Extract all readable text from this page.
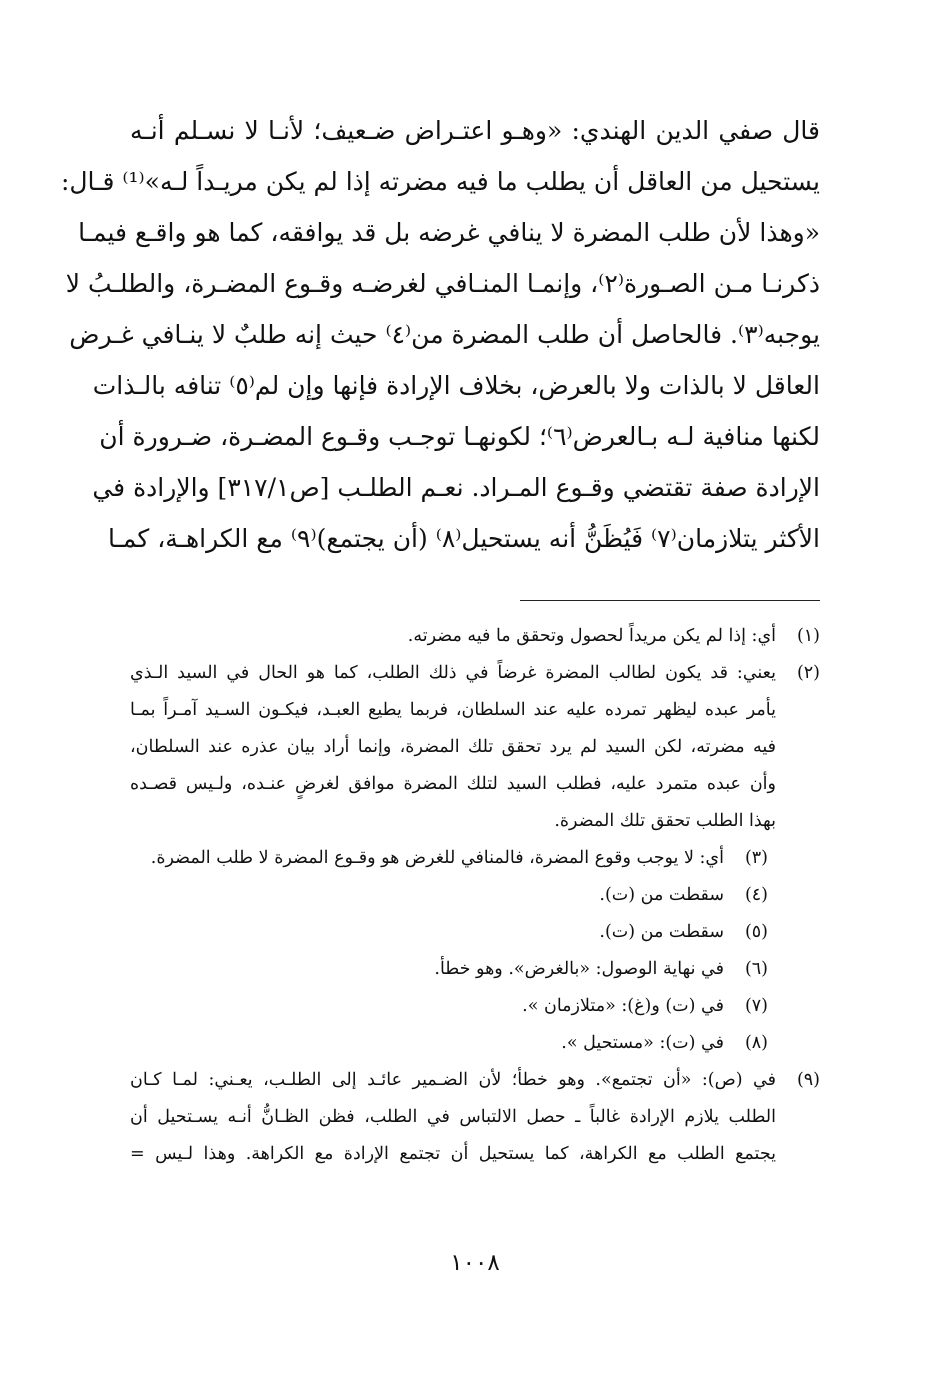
قال صفي الدين الهندي: «وهـو اعتـراض ضـعيف؛ لأنـا لا نسـلم أنـه
يستحيل من العاقل أن يطلب ما فيه مضرته إذا لم يكن مريـداً لـه»⁽¹⁾ قـال:
«وهذا لأن طلب المضرة لا ينافي غرضه بل قد يوافقه، كما هو واقـع فيمـا
ذكرنـا مـن الصـورة⁽٢⁾، وإنمـا المنـافي لغرضـه وقـوع المضـرة، والطلـبُ لا
يوجبه⁽٣⁾. فالحاصل أن طلب المضرة من⁽٤⁾ حيث إنه طلبٌ لا ينـافي غـرض
العاقل لا بالذات ولا بالعرض، بخلاف الإرادة فإنها وإن لم⁽٥⁾ تنافه بالـذات
لكنها منافية لـه بـالعرض⁽٦⁾؛ لكونهـا توجـب وقـوع المضـرة، ضـرورة أن
الإرادة صفة تقتضي وقـوع المـراد. نعـم الطلـب [ص٣١٧/١] والإرادة في
الأكثر يتلازمان⁽٧⁾ فَيُظَنُّ أنه يستحيل⁽٨⁾ (أن يجتمع)⁽٩⁾ مع الكراهـة، كمـا
(١)
أي: إذا لم يكن مريداً لحصول وتحقق ما فيه مضرته.
(٢)
يعني: قد يكون لطالب المضرة غرضاً في ذلك الطلب، كما هو الحال في السيد الـذي
يأمر عبده ليظهر تمرده عليه عند السلطان، فربما يطيع العبـد، فيكـون السـيد آمـراً بمـا
فيه مضرته، لكن السيد لم يرد تحقق تلك المضرة، وإنما أراد بيان عذره عند السلطان،
وأن عبده متمرد عليه، فطلب السيد لتلك المضرة موافق لغرضٍ عنـده، ولـيس قصـده
بهذا الطلب تحقق تلك المضرة.
(٣)
أي: لا يوجب وقوع المضرة، فالمنافي للغرض هو وقـوع المضرة لا طلب المضرة.
(٤)
سقطت من (ت).
(٥)
سقطت من (ت).
(٦)
في نهاية الوصول: «بالغرض». وهو خطأ.
(٧)
في (ت) و(غ): «متلازمان ».
(٨)
في (ت): «مستحيل ».
(٩)
في (ص): «أن تجتمع». وهو خطأ؛ لأن الضـمير عائـد إلى الطلـب، يعـني: لمـا كـان
الطلب يلازم الإرادة غالباً ـ حصل الالتباس في الطلب، فظن الظـانُّ أنـه يسـتحيل أن
يجتمع الطلب مع الكراهة، كما يستحيل أن تجتمع الإرادة مع الكراهة. وهذا لـيس =
١٠٠٨
